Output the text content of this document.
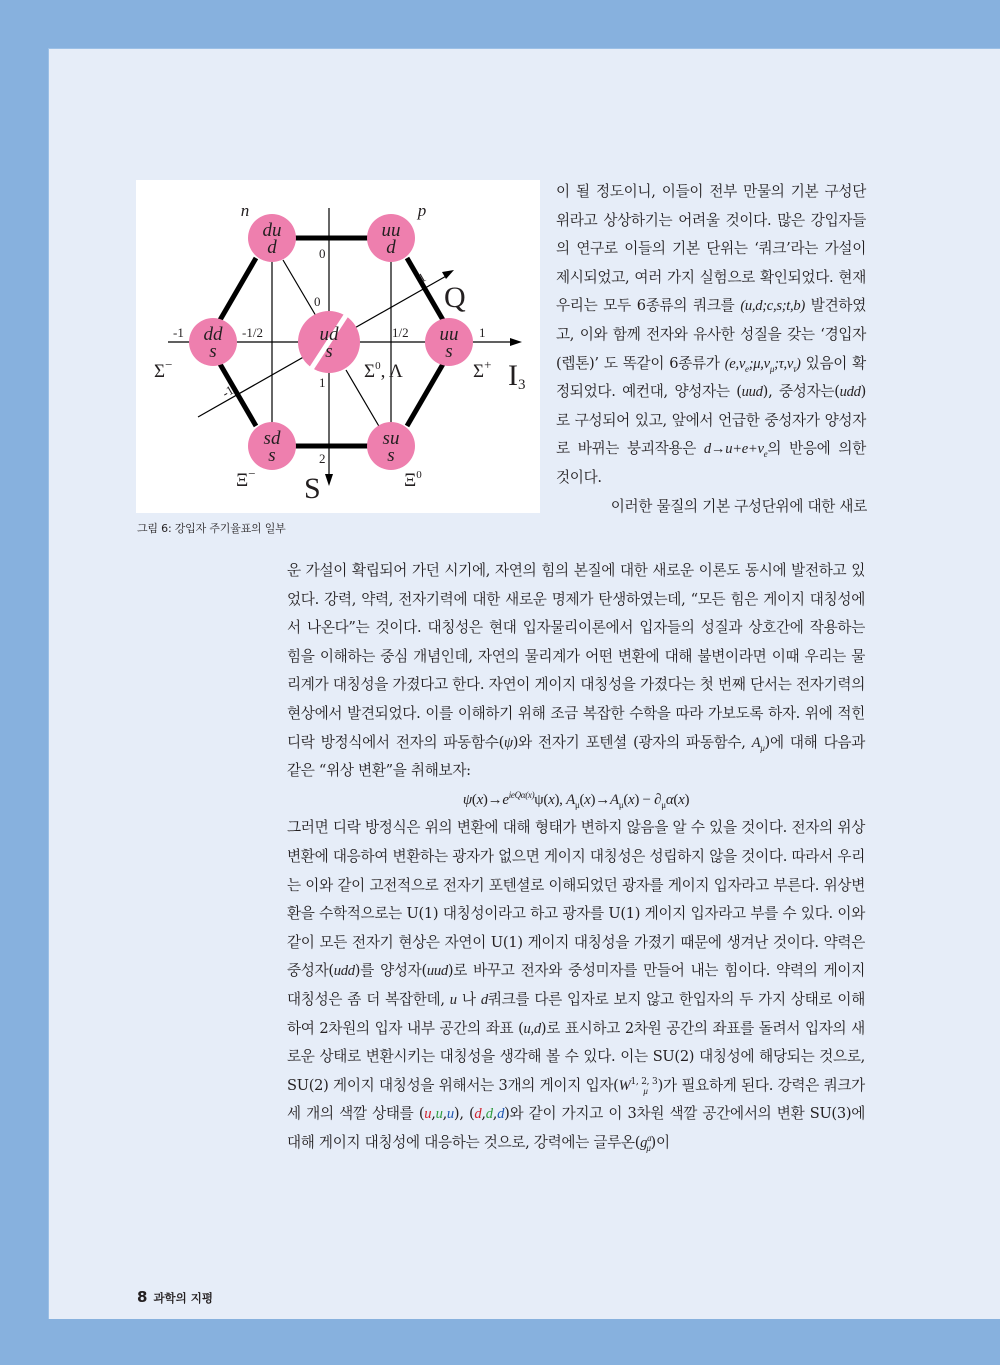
du
d
uu
d
dd
s
uu
s
ud
s
sd
s
su
s
n	p
-1	-1/2	1/2	1
0
0
1
2
1
-1
Σ−	$\Sigma^0$, Λ	Σ+
Ξ−	$\Xi^0$
Q
I3
S
그림 6: 강입자 주기율표의 일부

이 될 정도이니, 이들이 전부 만물의 기본 구성단위라고 상상하기는 어려울 것이다. 많은 강입자들의 연구로 이들의 기본 단위는 ‘쿼크’라는 가설이 제시되었고, 여러 가지 실험으로 확인되었다. 현재 우리는 모두 6종류의 쿼크를 (u,d;c,s;t,b) 발견하였고, 이와 함께 전자와 유사한 성질을 갖는 ‘경입자(렙톤)’ 도 똑같이 6종류가 $(e,\nu_e;\mu,\nu_\mu;\tau,\nu_\tau)$ 있음이 확정되었다. 예컨대, 양성자는 (uud), 중성자는(udd)로 구성되어 있고, 앞에서 언급한 중성자가 양성자로 바뀌는 붕괴작용은 $d\to u+e+\nu_e$의 반응에 의한 것이다.

이러한 물질의 기본 구성단위에 대한 새로

운 가설이 확립되어 가던 시기에, 자연의 힘의 본질에 대한 새로운 이론도 동시에 발전하고 있었다. 강력, 약력, 전자기력에 대한 새로운 명제가 탄생하였는데, “모든 힘은 게이지 대칭성에서 나온다”는 것이다. 대칭성은 현대 입자물리이론에서 입자들의 성질과 상호간에 작용하는 힘을 이해하는 중심 개념인데, 자연의 물리계가 어떤 변환에 대해 불변이라면 이때 우리는 물리계가 대칭성을 가졌다고 한다. 자연이 게이지 대칭성을 가졌다는 첫 번째 단서는 전자기력의 현상에서 발견되었다. 이를 이해하기 위해 조금 복잡한 수학을 따라 가보도록 하자. 위에 적힌 디락 방정식에서 전자의 파동함수(ψ)와 전자기 포텐셜 (광자의 파동함수, $A_\mu$)에 대해 다음과 같은 “위상 변환”을 취해보자:

$\psi(x)\to e^{ieQ\alpha(x)}\psi(x)$, $A_\mu(x)\to A_\mu(x) - \partial_\mu\alpha(x)$

그러면 디락 방정식은 위의 변환에 대해 형태가 변하지 않음을 알 수 있을 것이다. 전자의 위상변환에 대응하여 변환하는 광자가 없으면 게이지 대칭성은 성립하지 않을 것이다. 따라서 우리는 이와 같이 고전적으로 전자기 포텐셜로 이해되었던 광자를 게이지 입자라고 부른다. 위상변환을 수학적으로는 U(1) 대칭성이라고 하고 광자를 U(1) 게이지 입자라고 부를 수 있다. 이와 같이 모든 전자기 현상은 자연이 U(1) 게이지 대칭성을 가졌기 때문에 생겨난 것이다. 약력은 중성자(udd)를 양성자(uud)로 바꾸고 전자와 중성미자를 만들어 내는 힘이다. 약력의 게이지 대칭성은 좀 더 복잡한데, u 나 d쿼크를 다른 입자로 보지 않고 한입자의 두 가지 상태로 이해하여 2차원의 입자 내부 공간의 좌표 (u,d)로 표시하고 2차원 공간의 좌표를 돌려서 입자의 새로운 상태로 변환시키는 대칭성을 생각해 볼 수 있다. 이는 SU(2) 대칭성에 해당되는 것으로, SU(2) 게이지 대칭성을 위해서는 3개의 게이지 입자($W^{1, 2, 3}_\mu$ )가 필요하게 된다. 강력은 쿼크가 세 개의 색깔 상태를 (u,u,u), (d,d,d)와 같이 가지고 이 3차원 색깔 공간에서의 변환 SU(3)에 대해 게이지 대칭성에 대응하는 것으로, 강력에는 글루온$(g^a_\mu)$이

8 과학의 지평
